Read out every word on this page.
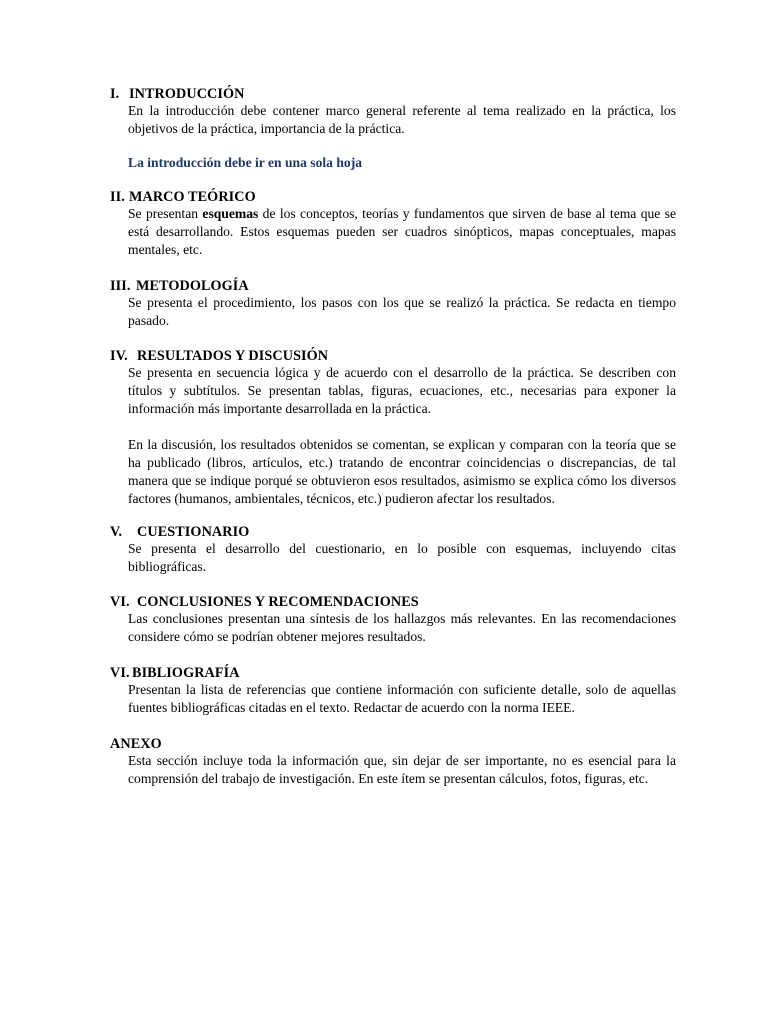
I. INTRODUCCIÓN

En la introducción debe contener marco general referente al tema realizado en la práctica, los objetivos de la práctica, importancia de la práctica.

La introducción debe ir en una sola hoja
II. MARCO TEÓRICO

Se presentan esquemas de los conceptos, teorías y fundamentos que sirven de base al tema que se está desarrollando. Estos esquemas pueden ser cuadros sinópticos, mapas conceptuales, mapas mentales, etc.

III. METODOLOGÍA

Se presenta el procedimiento, los pasos con los que se realizó la práctica. Se redacta en tiempo pasado.

IV. RESULTADOS Y DISCUSIÓN

Se presenta en secuencia lógica y de acuerdo con el desarrollo de la práctica. Se describen con títulos y subtítulos. Se presentan tablas, figuras, ecuaciones, etc., necesarias para exponer la información más importante desarrollada en la práctica.

En la discusión, los resultados obtenidos se comentan, se explican y comparan con la teoría que se ha publicado (libros, artículos, etc.) tratando de encontrar coincidencias o discrepancias, de tal manera que se indique porqué se obtuvieron esos resultados, asimismo se explica cómo los diversos factores (humanos, ambientales, técnicos, etc.) pudieron afectar los resultados.

V. CUESTIONARIO

Se presenta el desarrollo del cuestionario, en lo posible con esquemas, incluyendo citas bibliográficas.

VI. CONCLUSIONES Y RECOMENDACIONES

Las conclusiones presentan una síntesis de los hallazgos más relevantes. En las recomendaciones considere cómo se podrían obtener mejores resultados.

VI. BIBLIOGRAFÍA

Presentan la lista de referencias que contiene información con suficiente detalle, solo de aquellas fuentes bibliográficas citadas en el texto. Redactar de acuerdo con la norma IEEE.

ANEXO

Esta sección incluye toda la información que, sin dejar de ser importante, no es esencial para la comprensión del trabajo de investigación. En este ítem se presentan cálculos, fotos, figuras, etc.
